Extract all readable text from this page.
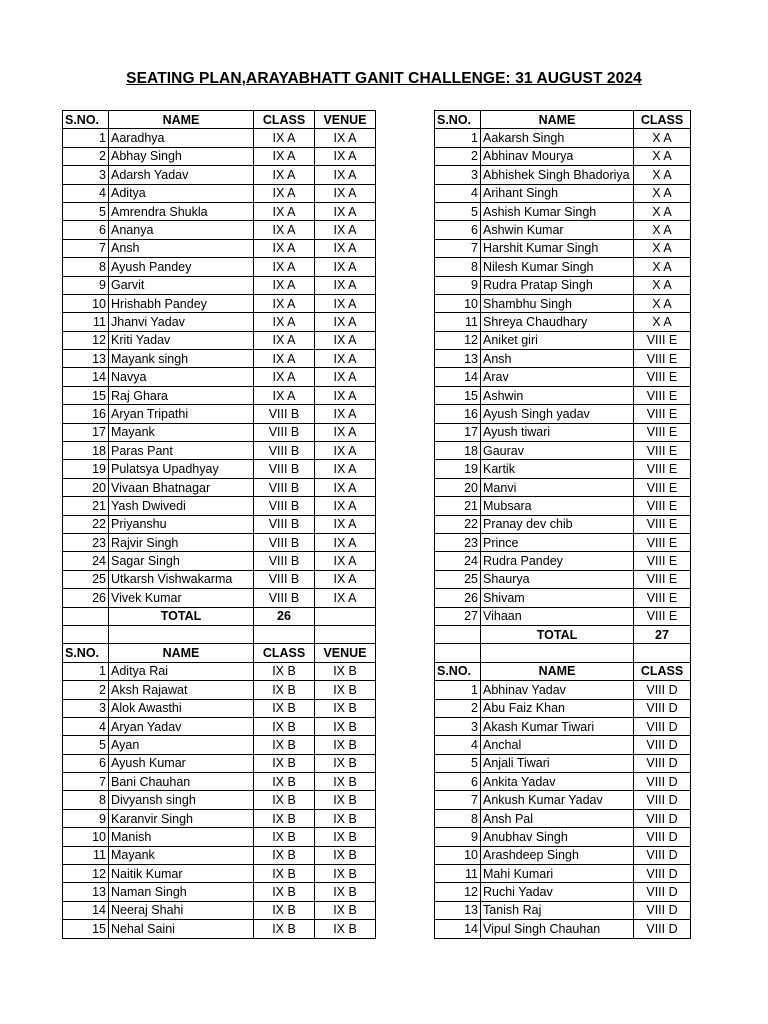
SEATING PLAN,ARAYABHATT GANIT CHALLENGE: 31 AUGUST 2024
S.NO.	NAME	CLASS	VENUE
1	Aaradhya	IX A	IX A
2	Abhay Singh	IX A	IX A
3	Adarsh Yadav	IX A	IX A
4	Aditya	IX A	IX A
5	Amrendra Shukla	IX A	IX A
6	Ananya	IX A	IX A
7	Ansh	IX A	IX A
8	Ayush Pandey	IX A	IX A
9	Garvit	IX A	IX A
10	Hrishabh Pandey	IX A	IX A
11	Jhanvi Yadav	IX A	IX A
12	Kriti Yadav	IX A	IX A
13	Mayank singh	IX A	IX A
14	Navya	IX A	IX A
15	Raj Ghara	IX A	IX A
16	Aryan Tripathi	VIII B	IX A
17	Mayank	VIII B	IX A
18	Paras Pant	VIII B	IX A
19	Pulatsya Upadhyay	VIII B	IX A
20	Vivaan Bhatnagar	VIII B	IX A
21	Yash Dwivedi	VIII B	IX A
22	Priyanshu	VIII B	IX A
23	Rajvir Singh	VIII B	IX A
24	Sagar Singh	VIII B	IX A
25	Utkarsh Vishwakarma	VIII B	IX A
26	Vivek Kumar	VIII B	IX A
	TOTAL	26	

S.NO.	NAME	CLASS	VENUE
1	Aditya Rai	IX B	IX B
2	Aksh Rajawat	IX B	IX B
3	Alok Awasthi	IX B	IX B
4	Aryan Yadav	IX B	IX B
5	Ayan	IX B	IX B
6	Ayush Kumar	IX B	IX B
7	Bani Chauhan	IX B	IX B
8	Divyansh singh	IX B	IX B
9	Karanvir Singh	IX B	IX B
10	Manish	IX B	IX B
11	Mayank	IX B	IX B
12	Naitik Kumar	IX B	IX B
13	Naman Singh	IX B	IX B
14	Neeraj Shahi	IX B	IX B
15	Nehal Saini	IX B	IX B
S.NO.	NAME	CLASS
1	Aakarsh Singh	X A
2	Abhinav Mourya	X A
3	Abhishek Singh Bhadoriya	X A
4	Arihant Singh	X A
5	Ashish Kumar Singh	X A
6	Ashwin Kumar	X A
7	Harshit Kumar Singh	X A
8	Nilesh Kumar Singh	X A
9	Rudra Pratap Singh	X A
10	Shambhu Singh	X A
11	Shreya Chaudhary	X A
12	Aniket giri	VIII E
13	Ansh	VIII E
14	Arav	VIII E
15	Ashwin	VIII E
16	Ayush Singh yadav	VIII E
17	Ayush tiwari	VIII E
18	Gaurav	VIII E
19	Kartik	VIII E
20	Manvi	VIII E
21	Mubsara	VIII E
22	Pranay dev chib	VIII E
23	Prince	VIII E
24	Rudra Pandey	VIII E
25	Shaurya	VIII E
26	Shivam	VIII E
27	Vihaan	VIII E
	TOTAL	27

S.NO.	NAME	CLASS
1	Abhinav Yadav	VIII D
2	Abu Faiz Khan	VIII D
3	Akash Kumar Tiwari	VIII D
4	Anchal	VIII D
5	Anjali Tiwari	VIII D
6	Ankita Yadav	VIII D
7	Ankush Kumar Yadav	VIII D
8	Ansh Pal	VIII D
9	Anubhav Singh	VIII D
10	Arashdeep Singh	VIII D
11	Mahi Kumari	VIII D
12	Ruchi Yadav	VIII D
13	Tanish Raj	VIII D
14	Vipul Singh Chauhan	VIII D
